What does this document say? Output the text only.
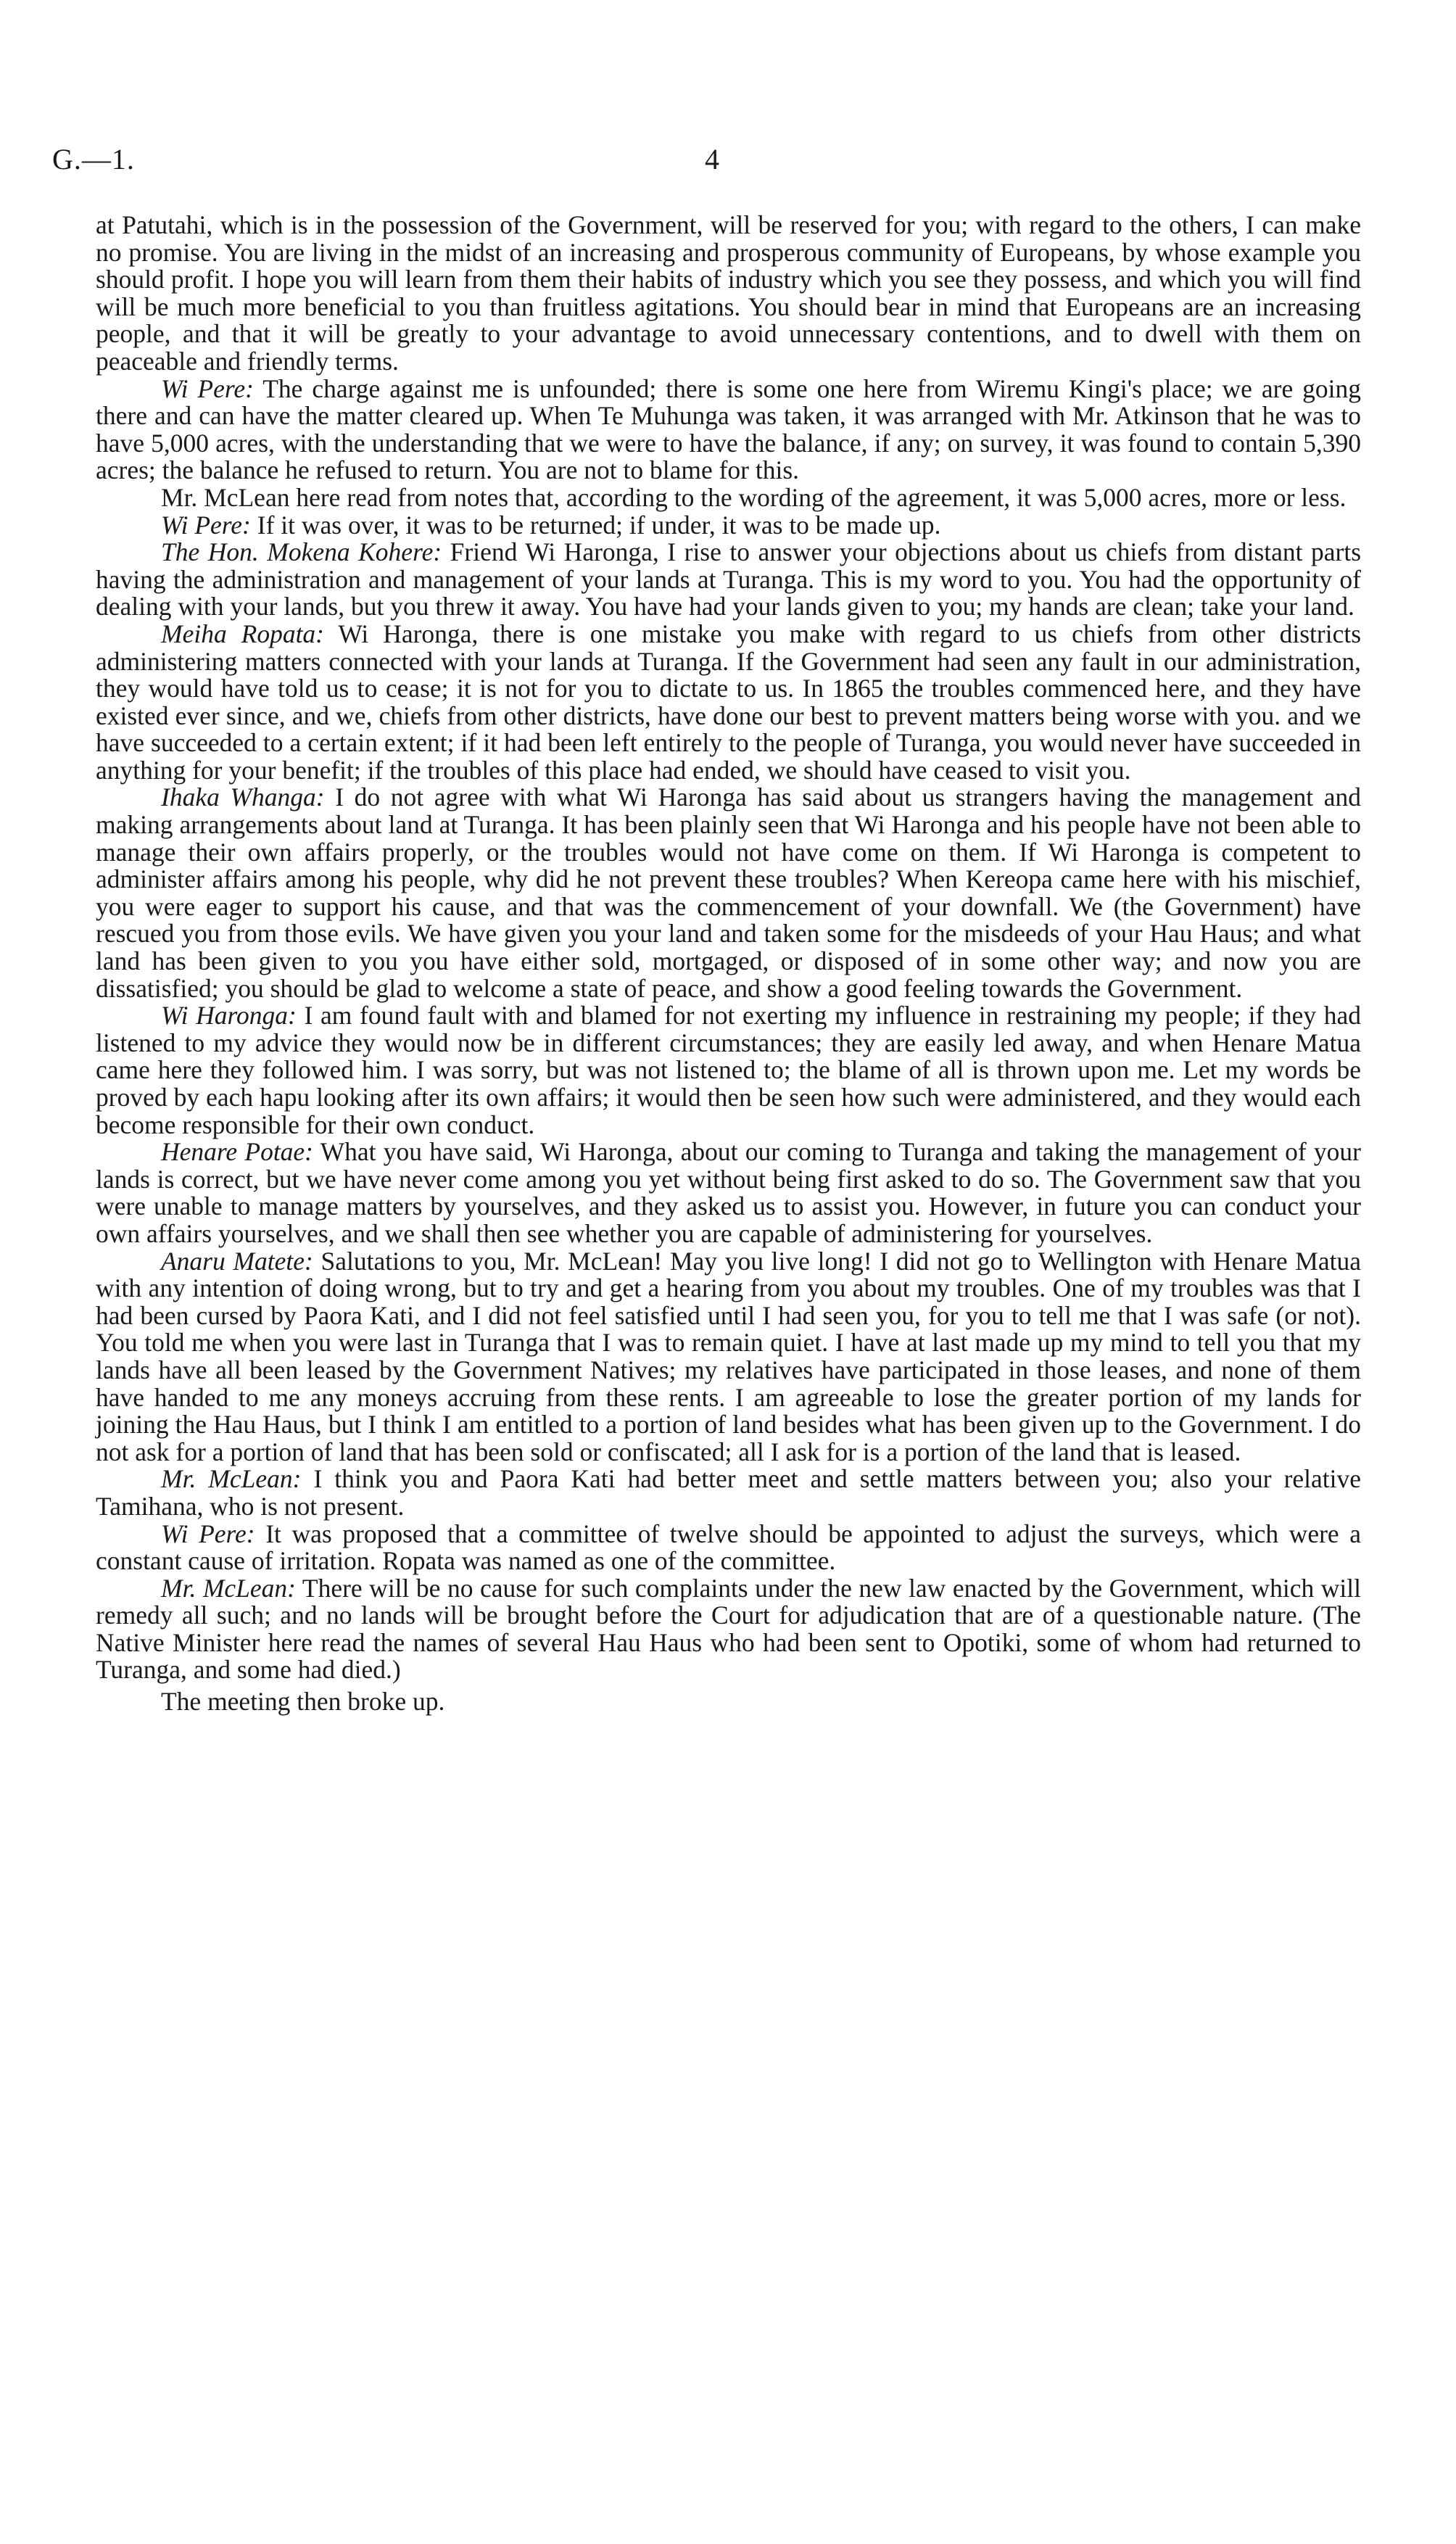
G.—1.	4

at Patutahi, which is in the possession of the Government, will be reserved for you; with regard to the others, I can make no promise. You are living in the midst of an increasing and prosperous community of Europeans, by whose example you should profit. I hope you will learn from them their habits of industry which you see they possess, and which you will find will be much more beneficial to you than fruitless agitations. You should bear in mind that Europeans are an increasing people, and that it will be greatly to your advantage to avoid unnecessary contentions, and to dwell with them on peaceable and friendly terms.

Wi Pere: The charge against me is unfounded; there is some one here from Wiremu Kingi's place; we are going there and can have the matter cleared up. When Te Muhunga was taken, it was arranged with Mr. Atkinson that he was to have 5,000 acres, with the understanding that we were to have the balance, if any; on survey, it was found to contain 5,390 acres; the balance he refused to return. You are not to blame for this.

Mr. McLean here read from notes that, according to the wording of the agreement, it was 5,000 acres, more or less.

Wi Pere: If it was over, it was to be returned; if under, it was to be made up.

The Hon. Mokena Kohere: Friend Wi Haronga, I rise to answer your objections about us chiefs from distant parts having the administration and management of your lands at Turanga. This is my word to you. You had the opportunity of dealing with your lands, but you threw it away. You have had your lands given to you; my hands are clean; take your land.

Meiha Ropata: Wi Haronga, there is one mistake you make with regard to us chiefs from other districts administering matters connected with your lands at Turanga. If the Government had seen any fault in our administration, they would have told us to cease; it is not for you to dictate to us. In 1865 the troubles commenced here, and they have existed ever since, and we, chiefs from other districts, have done our best to prevent matters being worse with you. and we have succeeded to a certain extent; if it had been left entirely to the people of Turanga, you would never have succeeded in anything for your benefit; if the troubles of this place had ended, we should have ceased to visit you.

Ihaka Whanga: I do not agree with what Wi Haronga has said about us strangers having the management and making arrangements about land at Turanga. It has been plainly seen that Wi Haronga and his people have not been able to manage their own affairs properly, or the troubles would not have come on them. If Wi Haronga is competent to administer affairs among his people, why did he not prevent these troubles? When Kereopa came here with his mischief, you were eager to support his cause, and that was the commencement of your downfall. We (the Government) have rescued you from those evils. We have given you your land and taken some for the misdeeds of your Hau Haus; and what land has been given to you you have either sold, mortgaged, or disposed of in some other way; and now you are dissatisfied; you should be glad to welcome a state of peace, and show a good feeling towards the Government.

Wi Haronga: I am found fault with and blamed for not exerting my influence in restraining my people; if they had listened to my advice they would now be in different circumstances; they are easily led away, and when Henare Matua came here they followed him. I was sorry, but was not listened to; the blame of all is thrown upon me. Let my words be proved by each hapu looking after its own affairs; it would then be seen how such were administered, and they would each become responsible for their own conduct.

Henare Potae: What you have said, Wi Haronga, about our coming to Turanga and taking the management of your lands is correct, but we have never come among you yet without being first asked to do so. The Government saw that you were unable to manage matters by yourselves, and they asked us to assist you. However, in future you can conduct your own affairs yourselves, and we shall then see whether you are capable of administering for yourselves.

Anaru Matete: Salutations to you, Mr. McLean! May you live long! I did not go to Wellington with Henare Matua with any intention of doing wrong, but to try and get a hearing from you about my troubles. One of my troubles was that I had been cursed by Paora Kati, and I did not feel satisfied until I had seen you, for you to tell me that I was safe (or not). You told me when you were last in Turanga that I was to remain quiet. I have at last made up my mind to tell you that my lands have all been leased by the Government Natives; my relatives have participated in those leases, and none of them have handed to me any moneys accruing from these rents. I am agreeable to lose the greater portion of my lands for joining the Hau Haus, but I think I am entitled to a portion of land besides what has been given up to the Government. I do not ask for a portion of land that has been sold or confiscated; all I ask for is a portion of the land that is leased.

Mr. McLean: I think you and Paora Kati had better meet and settle matters between you; also your relative Tamihana, who is not present.

Wi Pere: It was proposed that a committee of twelve should be appointed to adjust the surveys, which were a constant cause of irritation. Ropata was named as one of the committee.

Mr. McLean: There will be no cause for such complaints under the new law enacted by the Government, which will remedy all such; and no lands will be brought before the Court for adjudication that are of a questionable nature. (The Native Minister here read the names of several Hau Haus who had been sent to Opotiki, some of whom had returned to Turanga, and some had died.)

The meeting then broke up.
